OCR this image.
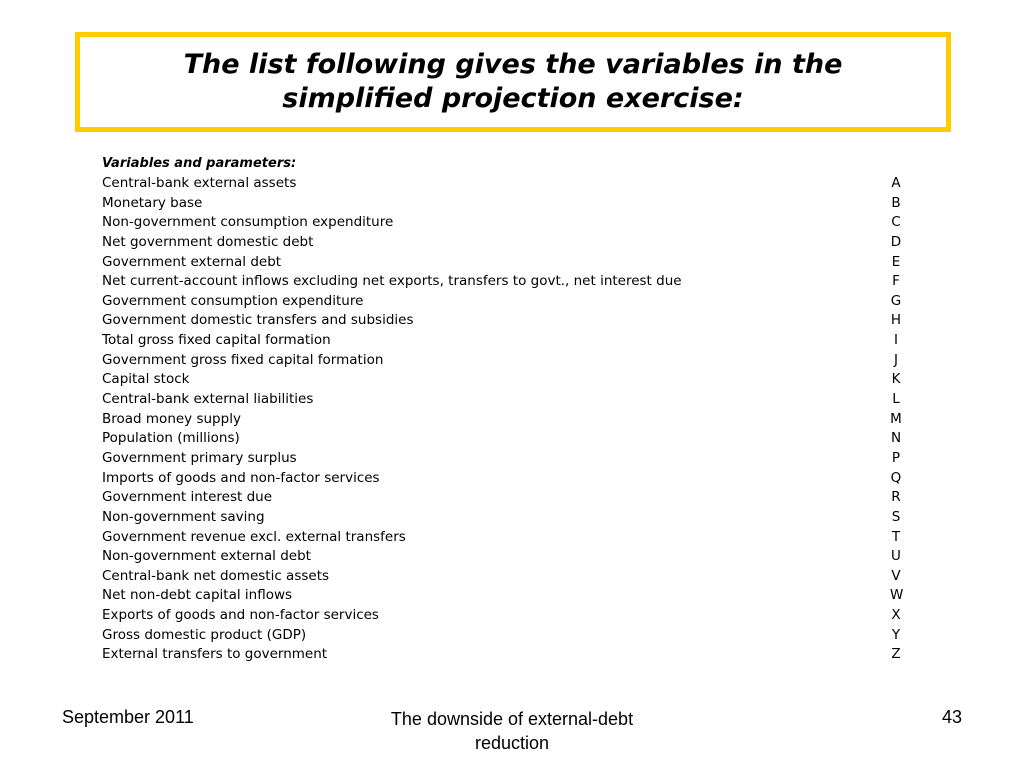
The list following gives the variables in the simplified projection exercise:
Variables and parameters:
Central-bank external assets	A
Monetary base	B
Non-government consumption expenditure	C
Net government domestic debt	D
Government external debt	E
Net current-account inflows excluding net exports, transfers to govt., net interest due	F
Government consumption expenditure	G
Government domestic transfers and subsidies	H
Total gross fixed capital formation	I
Government gross fixed capital formation	J
Capital stock	K
Central-bank external liabilities	L
Broad money supply	M
Population (millions)	N
Government primary surplus	P
Imports of goods and non-factor services	Q
Government interest due	R
Non-government saving	S
Government revenue excl. external transfers	T
Non-government external debt	U
Central-bank net domestic assets	V
Net non-debt capital inflows	W
Exports of goods and non-factor services	X
Gross domestic product (GDP)	Y
External transfers to government	Z
September 2011	The downside of external-debt
reduction
43
